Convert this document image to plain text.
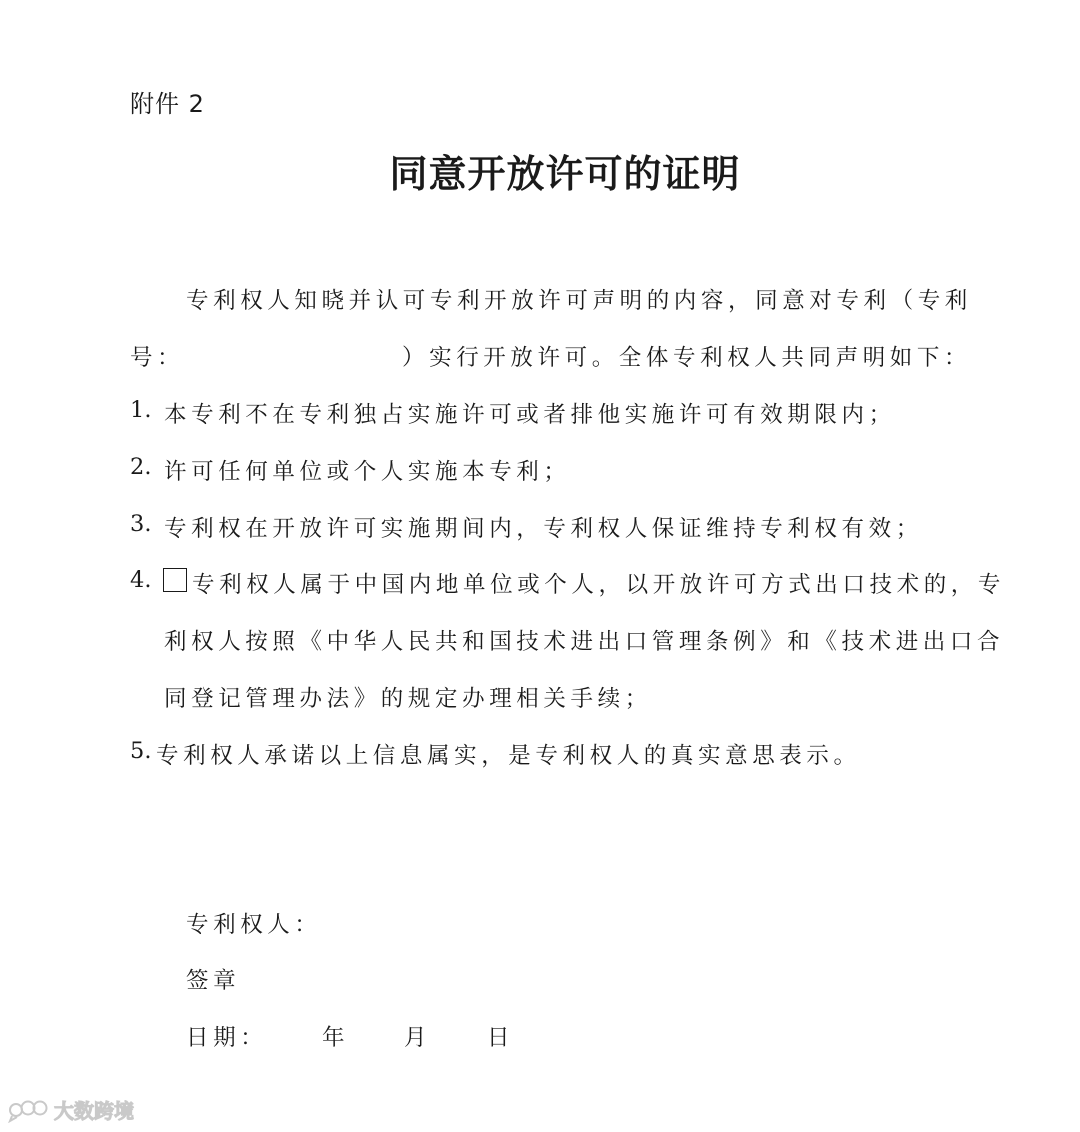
附件 2
同意开放许可的证明
专利权人知晓并认可专利开放许可声明的内容，同意对专利（专利
号：	）实行开放许可。全体专利权人共同声明如下：
1. 本专利不在专利独占实施许可或者排他实施许可有效期限内；
2. 许可任何单位或个人实施本专利；
3. 专利权在开放许可实施期间内，专利权人保证维持专利权有效；
4. 专利权人属于中国内地单位或个人，以开放许可方式出口技术的，专
利权人按照《中华人民共和国技术进出口管理条例》和《技术进出口合
同登记管理办法》的规定办理相关手续；
5. 专利权人承诺以上信息属实，是专利权人的真实意思表示。
专利权人：
签章
日期： 年 月 日
大数跨境
